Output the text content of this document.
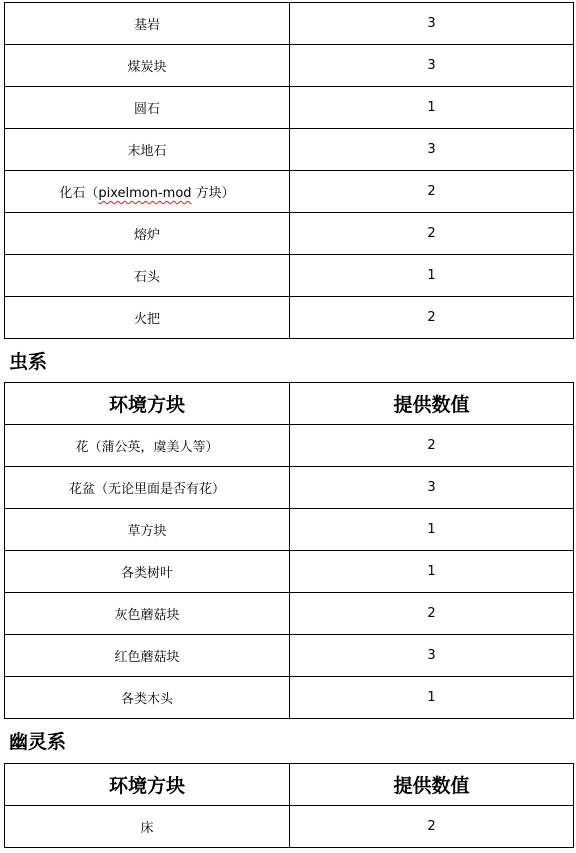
基岩	3
煤炭块	3
圆石	1
末地石	3
化石（pixelmon-mod 方块）	2
熔炉	2
石头	1
火把	2
虫系
环境方块	提供数值
花（蒲公英，虞美人等）	2
花盆（无论里面是否有花）	3
草方块	1
各类树叶	1
灰色蘑菇块	2
红色蘑菇块	3
各类木头	1
幽灵系
环境方块	提供数值
床	2
